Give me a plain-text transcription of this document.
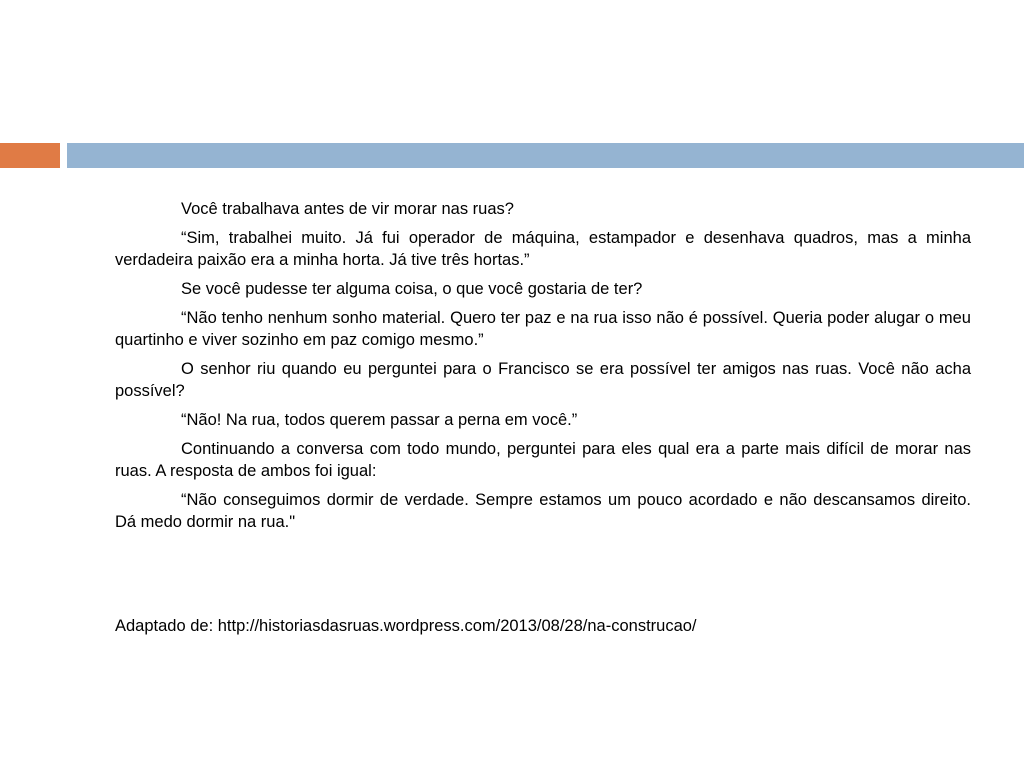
Você trabalhava antes de vir morar nas ruas?

“Sim, trabalhei muito. Já fui operador de máquina, estampador e desenhava quadros, mas a minha verdadeira paixão era a minha horta. Já tive três hortas.”

Se você pudesse ter alguma coisa, o que você gostaria de ter?

“Não tenho nenhum sonho material. Quero ter paz e na rua isso não é possível. Queria poder alugar o meu quartinho e viver sozinho em paz comigo mesmo.”

O senhor riu quando eu perguntei para o Francisco se era possível ter amigos nas ruas. Você não acha possível?

“Não! Na rua, todos querem passar a perna em você.”

Continuando a conversa com todo mundo, perguntei para eles qual era a parte mais difícil de morar nas ruas. A resposta de ambos foi igual:

“Não conseguimos dormir de verdade. Sempre estamos um pouco acordado e não descansamos direito. Dá medo dormir na rua."

Adaptado de: http://historiasdasruas.wordpress.com/2013/08/28/na-construcao/
